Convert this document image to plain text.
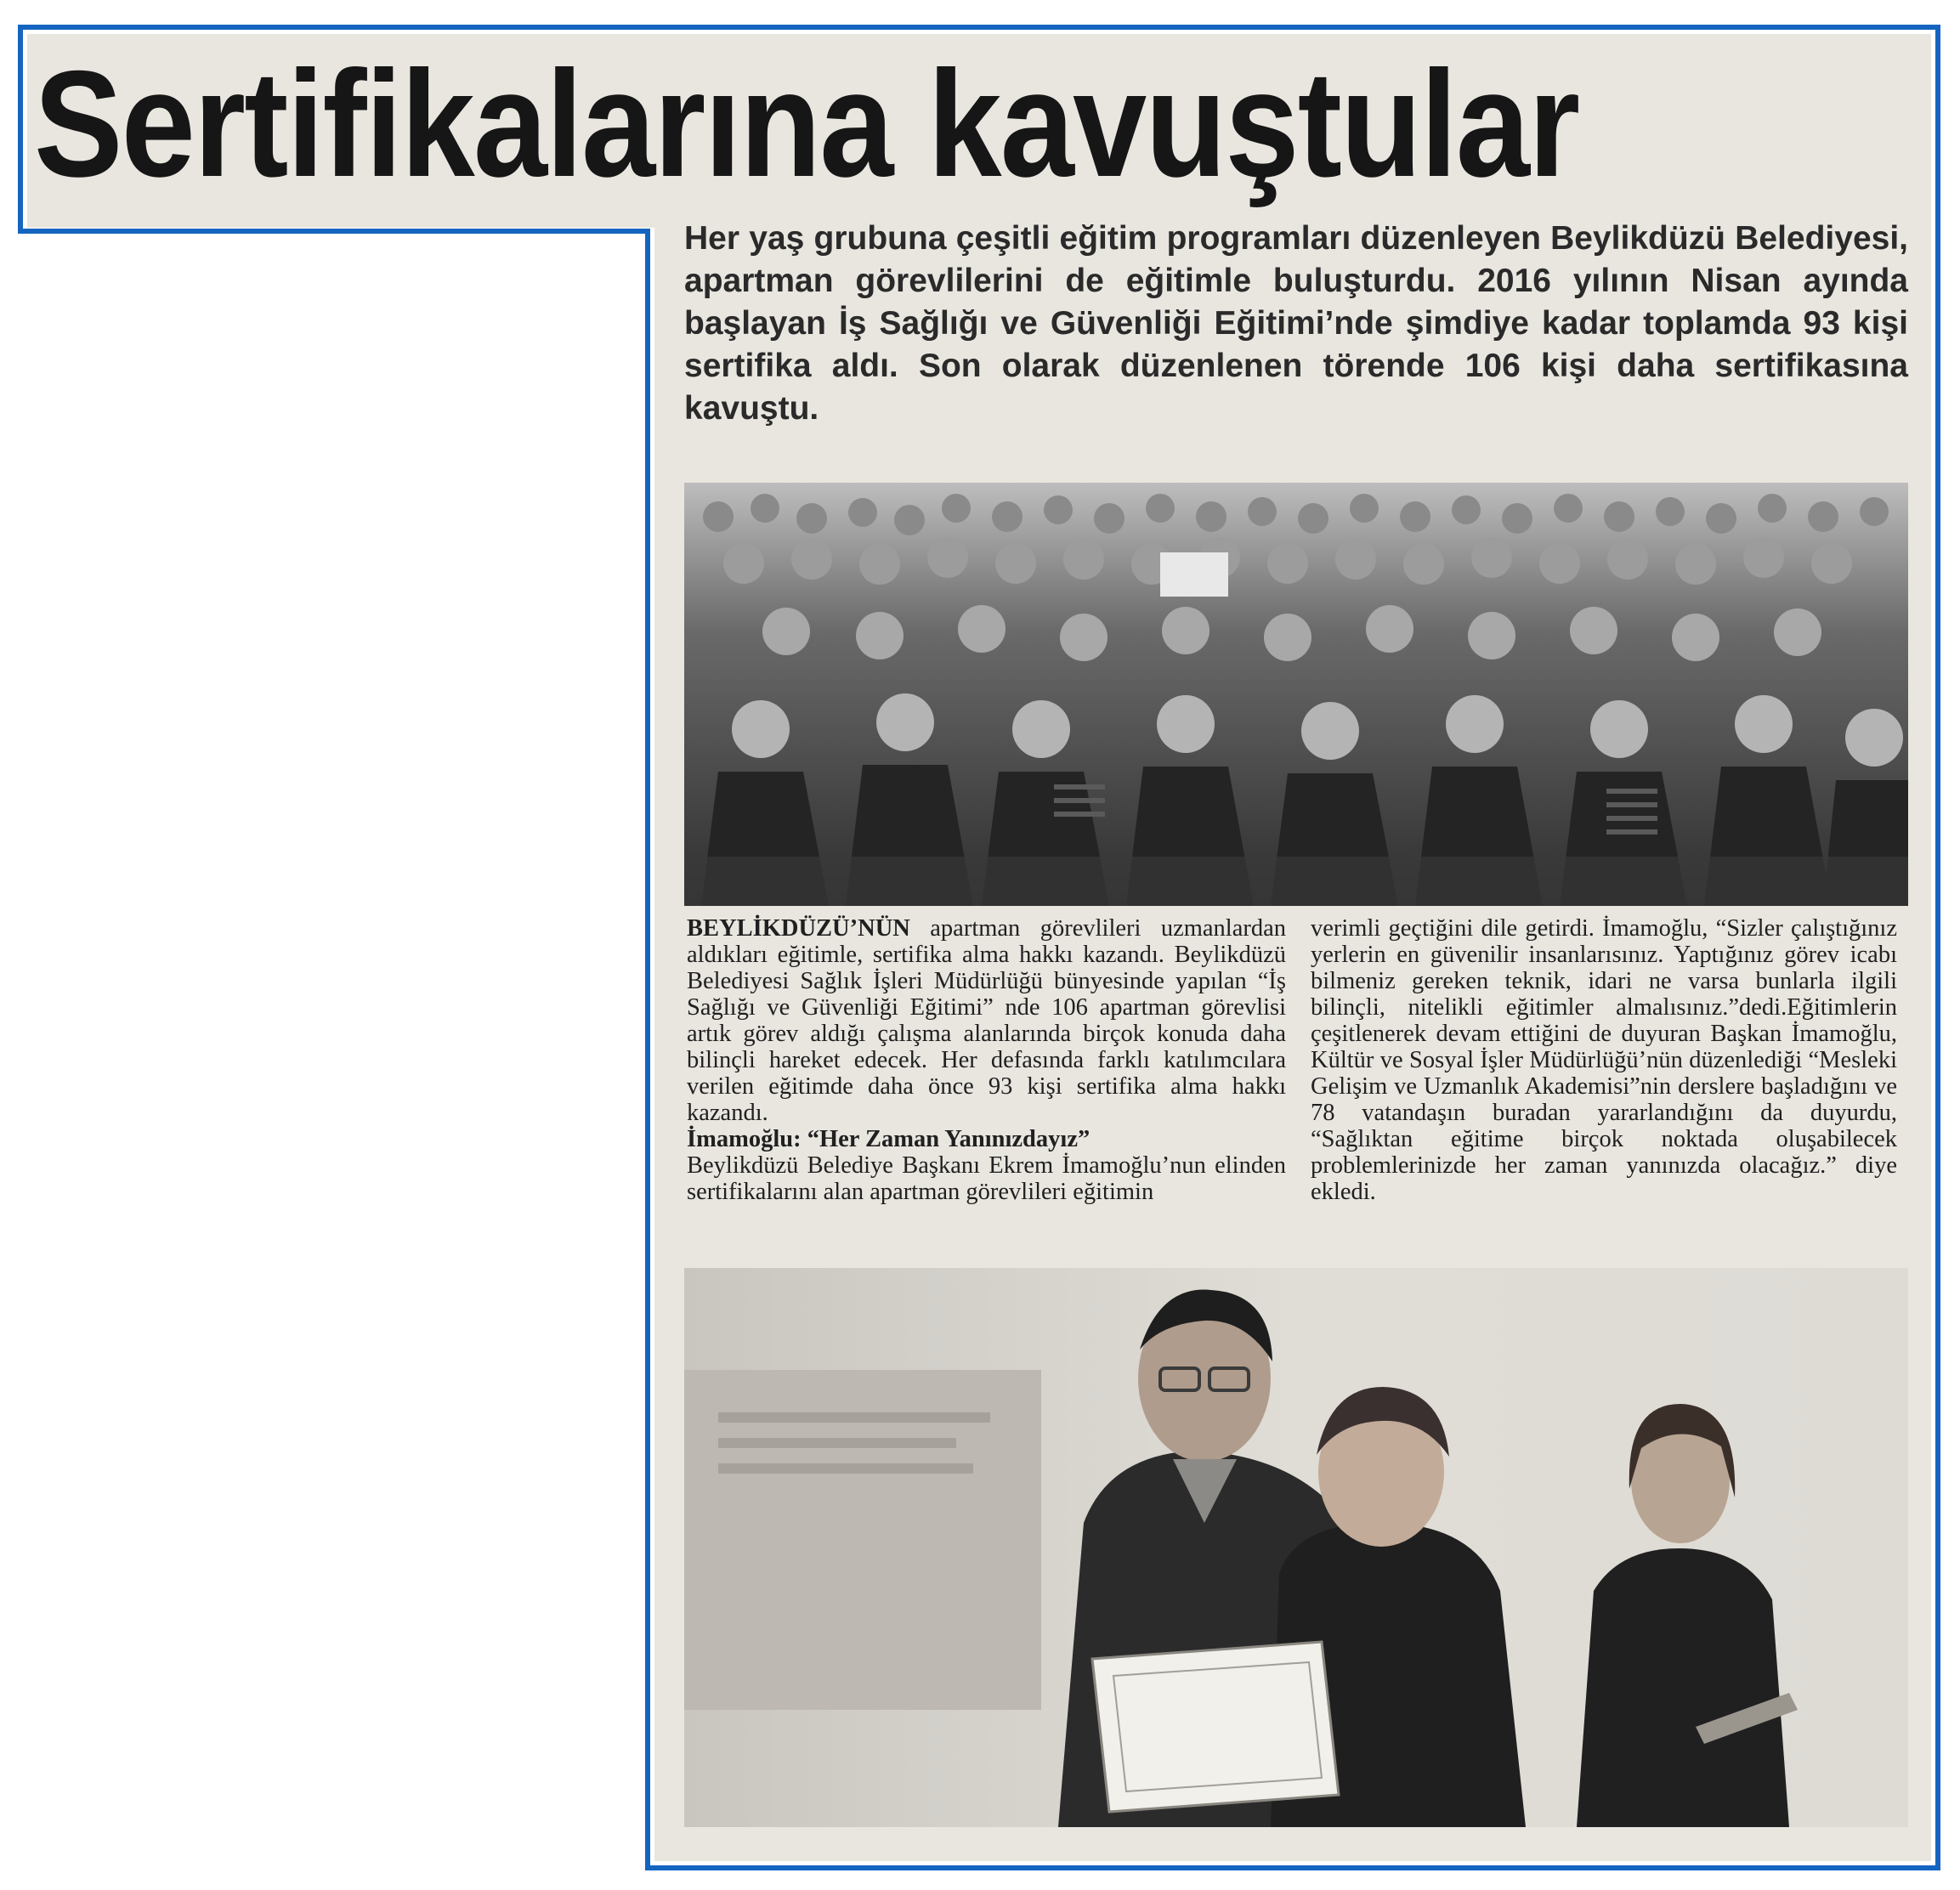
Sertifikalarına kavuştular
Her yaş grubuna çeşitli eğitim programları düzenleyen Beylikdüzü Belediyesi, apartman görevlilerini de eğitimle buluşturdu. 2016 yılının Nisan ayında başlayan İş Sağlığı ve Güvenliği Eğitimi’nde şimdiye kadar toplamda 93 kişi sertifika aldı. Son olarak düzenlenen törende 106 kişi daha sertifikasına kavuştu.

BEYLİKDÜZÜ’NÜN apartman görevlileri uzmanlardan aldıkları eğitimle, sertifika alma hakkı kazandı. Beylikdüzü Belediyesi Sağlık İşleri Müdürlüğü bünyesinde yapılan “İş Sağlığı ve Güvenliği Eğitimi” nde 106 apartman görevlisi artık görev aldığı çalışma alanlarında birçok konuda daha bilinçli hareket edecek. Her defasında farklı katılımcılara verilen eğitimde daha önce 93 kişi sertifika alma hakkı kazandı.

İmamoğlu: “Her Zaman Yanınızdayız”

Beylikdüzü Belediye Başkanı Ekrem İmamoğlu’nun elinden sertifikalarını alan apartman görevlileri eğitimin

verimli geçtiğini dile getirdi. İmamoğlu, “Sizler çalıştığınız yerlerin en güvenilir insanlarısınız. Yaptığınız görev icabı bilmeniz gereken teknik, idari ne varsa bunlarla ilgili bilinçli, nitelikli eğitimler almalısınız.”dedi.Eğitimlerin çeşitlenerek devam ettiğini de duyuran Başkan İmamoğlu, Kültür ve Sosyal İşler Müdürlüğü’nün düzenlediği “Mesleki Gelişim ve Uzmanlık Akademisi”nin derslere başladığını ve 78 vatandaşın buradan yararlandığını da duyurdu, “Sağlıktan eğitime birçok noktada oluşabilecek problemlerinizde her zaman yanınızda olacağız.” diye ekledi.
